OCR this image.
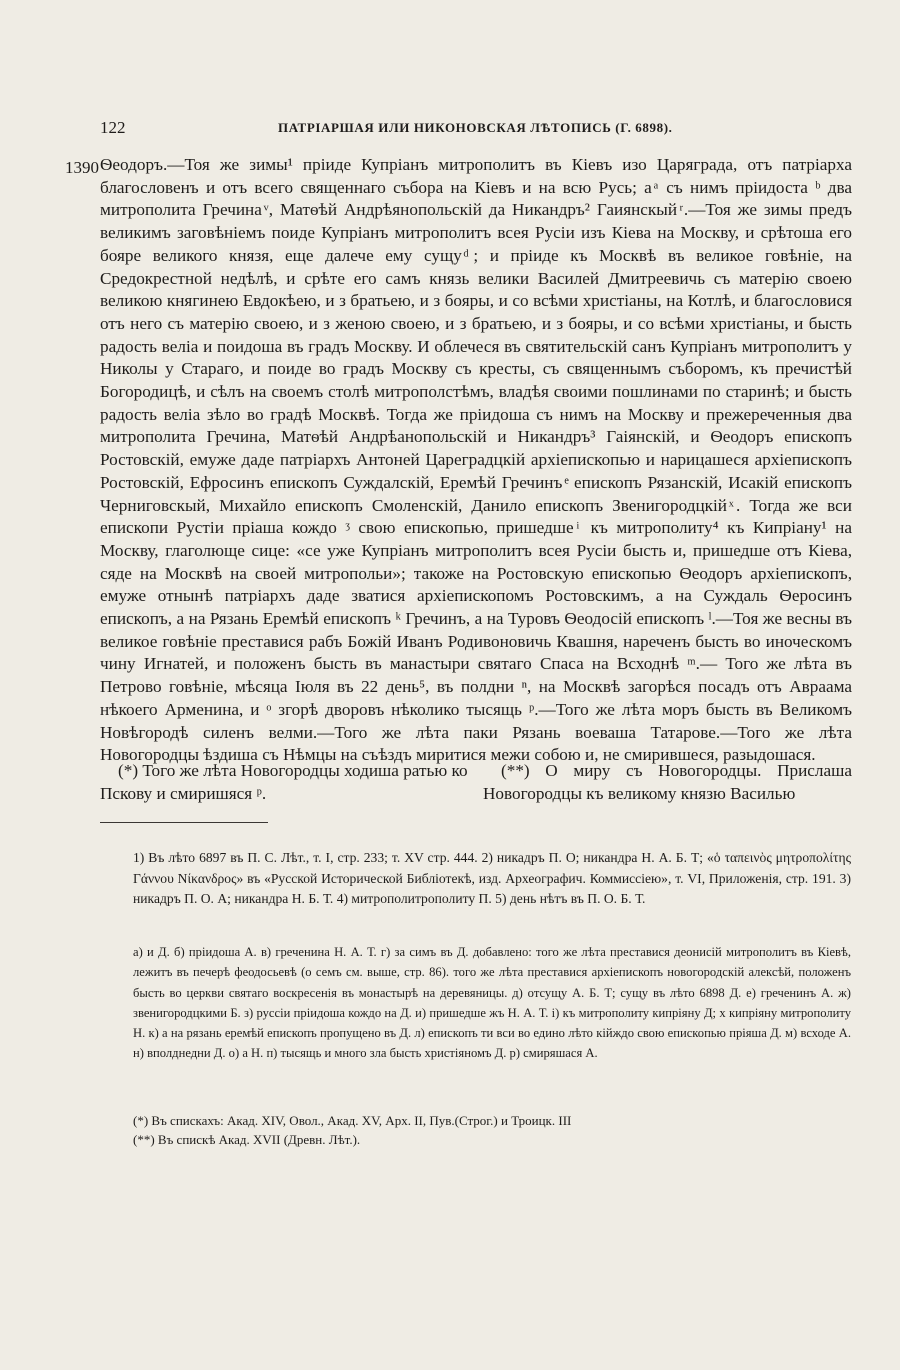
122	ПАТРІАРШАЯ ИЛИ НИКОНОВСКАЯ ЛѢТОПИСЬ (Г. 6898).
1390 Ѳеодоръ.—Тоя же зимы¹ прiиде Купрiанъ митрополитъ въ Кiевъ изо Царяграда, отъ патрiарха благословенъ и отъ всего священнаго събора на Кiевъ и на всю Русь; а ͣ съ нимъ прiидоста ᵇ два митрополита Гречина ͮ, Матѳѣй Андрѣянопольскiй да Никандръ² Гаиянскый ͬ.—Тоя же зимы предъ великимъ заговѣнiемъ поиде Купрiанъ митрополитъ всея Русiи изъ Кiева на Москву, и срѣтоша его бояре великого князя, еще далече ему сущу ͩ; и прiиде къ Москвѣ въ великое говѣнiе, на Средокрестной недѣлѣ, и срѣте его самъ князь велики Василей Дмитреевичь съ матерiю своею великою княгинею Евдокѣею, и з братьею, и з бояры, и со всѣми христiаны, на Котлѣ, и благословися отъ него съ матерiю своею, и з женою своею, и з братьею, и з бояры, и со всѣми христiаны, и бысть радость велiа и поидоша въ градъ Москву. И облечеся въ святительскiй санъ Купрiанъ митрополитъ у Николы у Стараго, и поиде во градъ Москву съ кресты, съ священнымъ съборомъ, къ пречистѣй Богородицѣ, и сѣлъ на своемъ столѣ митрополстѣмъ, владѣя своими пошлинами по старинѣ; и бысть радость велiа зѣло во градѣ Москвѣ. Тогда же прiидоша съ нимъ на Москву и прежереченныя два митрополита Гречина, Матѳѣй Андрѣанопольскiй и Никандръ³ Гаiянскiй, и Ѳеодоръ епископъ Ростовскiй, емуже даде патрiархъ Антоней Цареградцкiй архiепископью и нарицашеся архiепископъ Ростовскiй, Ефросинъ епископъ Суждалскiй, Еремѣй Гречинъ ͤ епископъ Рязанскiй, Исакiй епископъ Черниговскый, Михайло епископъ Смоленскiй, Данило епископъ Звенигородцкiй ͯ. Тогда же вси епископи Рустiи прiаша кождо ᶾ свою епископью, пришедше ͥ къ митрополиту⁴ къ Кипрiану¹ на Москву, глаголюще сице: «се уже Купрiанъ митрополитъ всея Русiи бысть и, пришедше отъ Кiева, сяде на Москвѣ на своей митропольи»; такоже на Ростовскую епископью Ѳеодоръ архiепископъ, емуже отнынѣ патрiархъ даде зватися архiепископомъ Ростовскимъ, а на Суждаль Ѳеросинъ епископъ, а на Рязань Еремѣй епископъ ᵏ Гречинъ, а на Туровъ Ѳеодосiй епископъ ˡ.—Тоя же весны въ великое говѣнiе преставися рабъ Божiй Иванъ Родивоновичь Квашня, нареченъ бысть во иноческомъ чину Игнатей, и положенъ бысть въ манастыри святаго Спаса на Всходнѣ ᵐ.— Того же лѣта въ Петрово говѣнiе, мѣсяца Iюля въ 22 день⁵, въ полдни ⁿ, на Москвѣ загорѣся посадъ отъ Авраама нѣкоего Арменина, и ᵒ згорѣ дворовъ нѣколико тысящь ᵖ.—Того же лѣта моръ бысть въ Великомъ Новѣгородѣ силенъ велми.—Того же лѣта паки Рязань воеваша Татарове.—Того же лѣта Новогородцы ѣздиша съ Нѣмцы на съѣздъ миритися межи собою и, не смирившеся, разыдошася.

(*) Того же лѣта Новогородцы ходиша ратью ко Пскову и смиришяся ᵖ.
(**) О миру съ Новогородцы. Прислаша Новогородцы къ великому князю Василью

1) Въ лѣто 6897 въ П. С. Лѣт., т. I, стр. 233; т. XV стр. 444. 2) никадръ П. О; никандра Н. А. Б. Т; «ὁ ταπεινὸς μητροπολίτης Γάννου Νίκανδρος» въ «Русской Исторической Библiотекѣ, изд. Археографич. Коммиссiею», т. VI, Приложенiя, стр. 191. 3) никадръ П. О. А; никандра Н. Б. Т. 4) митрополитрополиту П. 5) день нѣтъ въ П. О. Б. Т.

а) и Д. б) прiидоша А. в) греченина Н. А. Т. г) за симъ въ Д. добавлено: того же лѣта преставися деонисiй митрополитъ въ Кiевѣ, лежитъ въ печерѣ феодосьевѣ (о семъ см. выше, стр. 86). того же лѣта преставися архiепископъ новогородскiй алексѣй, положенъ бысть во церкви святаго воскресенiя въ монастырѣ на деревяницы. д) отсущу А. Б. Т; сущу въ лѣто 6898 Д. е) греченинъ А. ж) звенигородцкими Б. з) руссiи прiидоша кождо на Д. и) пришедше жъ Н. А. Т. i) къ митрополиту кипрiяну Д; х кипрiяну митрополиту Н. к) а на рязань еремѣй епископъ пропущено въ Д. л) епископъ ти вси во едино лѣто кiйждо свою епископью прiяша Д. м) всходе А. н) вполднедни Д. о) а Н. п) тысящь и много зла бысть христiяномъ Д. р) смиряшася А.

(*) Въ спискахъ: Акад. XIV, Овол., Акад. XV, Арх. II, Пув.(Строг.) и Троицк. III

(**) Въ спискѣ Акад. XVII (Древн. Лѣт.).
